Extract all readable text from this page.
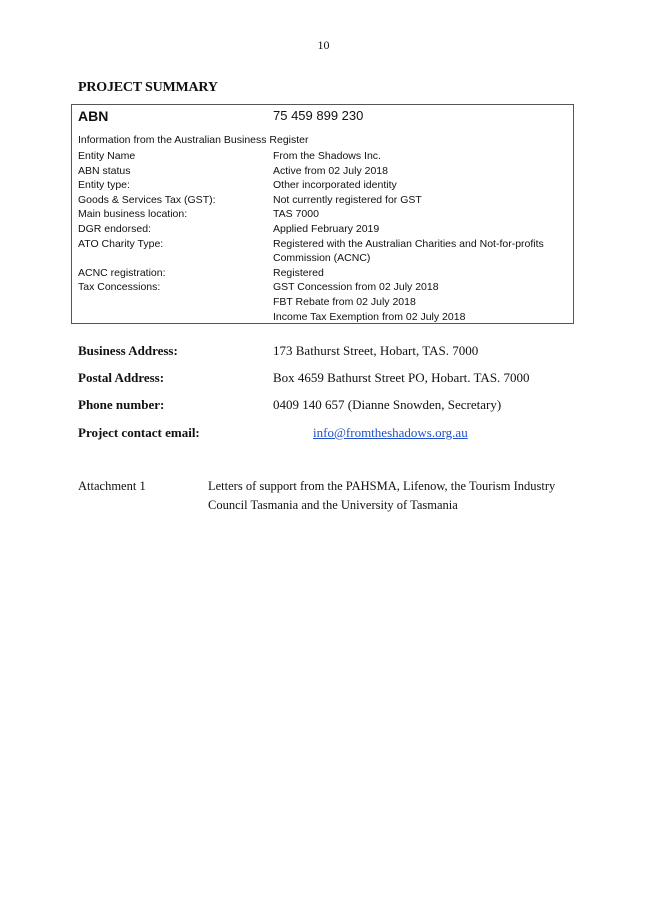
10
PROJECT SUMMARY
ABN	75 459 899 230
Information from the Australian Business Register
Entity Name	From the Shadows Inc.
ABN status	Active from 02 July 2018
Entity type:	Other incorporated identity
Goods & Services Tax (GST):	Not currently registered for GST
Main business location:	TAS 7000
DGR endorsed:	Applied February 2019
ATO Charity Type:	Registered with the Australian Charities and Not-for-profits
Commission (ACNC)
ACNC registration:	Registered
Tax Concessions:	GST Concession from 02 July 2018
FBT Rebate from 02 July 2018
Income Tax Exemption from 02 July 2018
Business Address:	173 Bathurst Street, Hobart, TAS. 7000
Postal Address:	Box 4659 Bathurst Street PO, Hobart. TAS. 7000
Phone number:	0409 140 657 (Dianne Snowden, Secretary)
Project contact email:	info@fromtheshadows.org.au
Attachment 1	Letters of support from the PAHSMA, Lifenow, the Tourism Industry Council Tasmania and the University of Tasmania
